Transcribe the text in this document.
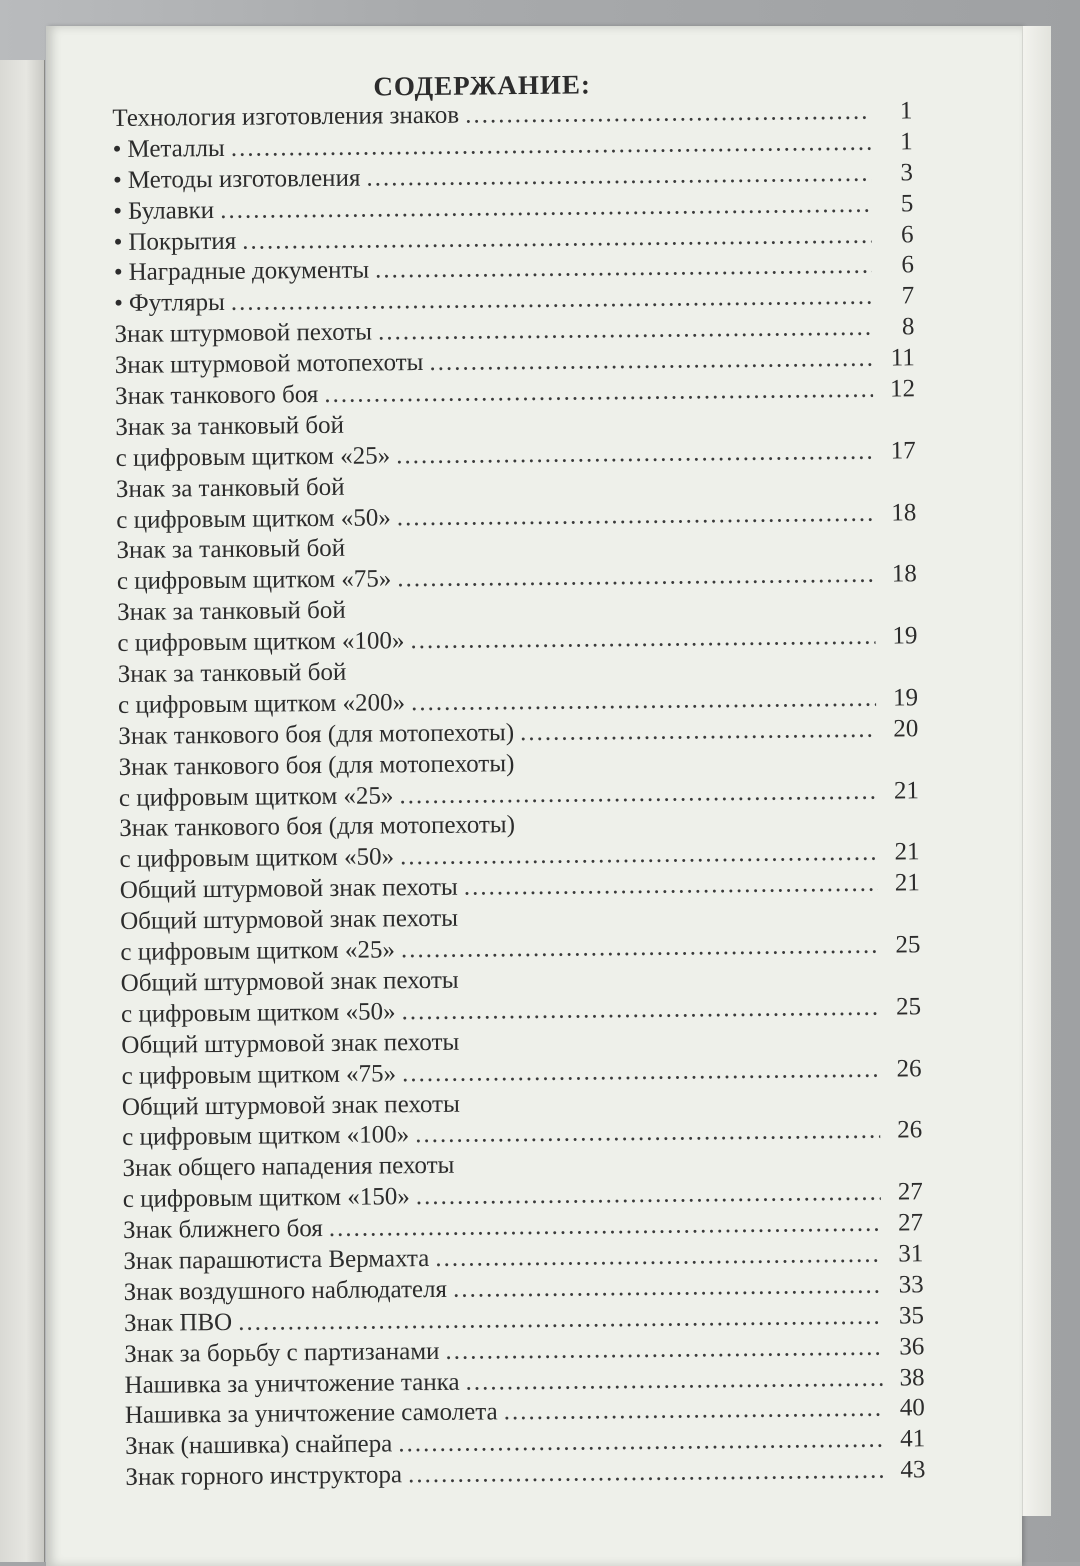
СОДЕРЖАНИЕ:
Технология изготовления знаков .....	1
• Металлы .....	1
• Методы изготовления .....	3
• Булавки .....	5
• Покрытия .....	6
• Наградные документы .....	6
• Футляры .....	7
Знак штурмовой пехоты .....	8
Знак штурмовой мотопехоты .....	11
Знак танкового боя .....	12
Знак за танковый бой
с цифровым щитком «25» .....	17
Знак за танковый бой
с цифровым щитком «50» .....	18
Знак за танковый бой
с цифровым щитком «75» .....	18
Знак за танковый бой
с цифровым щитком «100» .....	19
Знак за танковый бой
с цифровым щитком «200» .....	19
Знак танкового боя (для мотопехоты) .....	20
Знак танкового боя (для мотопехоты)
с цифровым щитком «25» .....	21
Знак танкового боя (для мотопехоты)
с цифровым щитком «50» .....	21
Общий штурмовой знак пехоты .....	21
Общий штурмовой знак пехоты
с цифровым щитком «25» .....	25
Общий штурмовой знак пехоты
с цифровым щитком «50» .....	25
Общий штурмовой знак пехоты
с цифровым щитком «75» .....	26
Общий штурмовой знак пехоты
с цифровым щитком «100» .....	26
Знак общего нападения пехоты
с цифровым щитком «150» .....	27
Знак ближнего боя .....	27
Знак парашютиста Вермахта .....	31
Знак воздушного наблюдателя .....	33
Знак ПВО .....	35
Знак за борьбу с партизанами .....	36
Нашивка за уничтожение танка .....	38
Нашивка за уничтожение самолета .....	40
Знак (нашивка) снайпера .....	41
Знак горного инструктора .....	43
